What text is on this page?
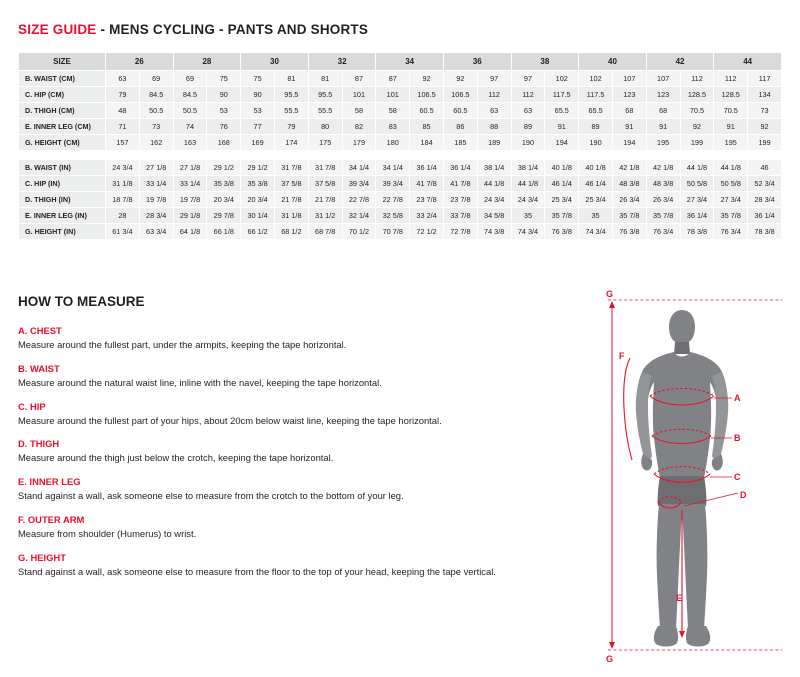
SIZE GUIDE - MENS CYCLING - PANTS AND SHORTS
SIZE	26		28		30		32		34		36		38		40		42		44	
B. WAIST (CM)	63	69	69	75	75	81	81	87	87	92	92	97	97	102	102	107	107	112	112	117
C. HIP (CM)	79	84.5	84.5	90	90	95.5	95.5	101	101	106.5	106.5	112	112	117.5	117.5	123	123	128.5	128.5	134
D. THIGH (CM)	48	50.5	50.5	53	53	55.5	55.5	58	58	60.5	60.5	63	63	65.5	65.5	68	68	70.5	70.5	73
E. INNER LEG (CM)	71	73	74	76	77	79	80	82	83	85	86	88	89	91	89	91	91	92	91	92
G. HEIGHT (CM)	157	162	163	168	169	174	175	179	180	184	185	189	190	194	190	194	195	199	195	199

B. WAIST (IN)	24 3/4	27 1/8	27 1/8	29 1/2	29 1/2	31 7/8	31 7/8	34 1/4	34 1/4	36 1/4	36 1/4	38 1/4	38 1/4	40 1/8	40 1/8	42 1/8	42 1/8	44 1/8	44 1/8	46
C. HIP (IN)	31 1/8	33 1/4	33 1/4	35 3/8	35 3/8	37 5/8	37 5/8	39 3/4	39 3/4	41 7/8	41 7/8	44 1/8	44 1/8	46 1/4	46 1/4	48 3/8	48 3/8	50 5/8	50 5/8	52 3/4
D. THIGH (IN)	18 7/8	19 7/8	19 7/8	20 3/4	20 3/4	21 7/8	21 7/8	22 7/8	22 7/8	23 7/8	23 7/8	24 3/4	24 3/4	25 3/4	25 3/4	26 3/4	26 3/4	27 3/4	27 3/4	28 3/4
E. INNER LEG (IN)	28	28 3/4	29 1/8	29 7/8	30 1/4	31 1/8	31 1/2	32 1/4	32 5/8	33 2/4	33 7/8	34 5/8	35	35 7/8	35	35 7/8	35 7/8	36 1/4	35 7/8	36 1/4
G. HEIGHT (IN)	61 3/4	63 3/4	64 1/8	66 1/8	66 1/2	68 1/2	68 7/8	70 1/2	70 7/8	72 1/2	72 7/8	74 3/8	74 3/4	76 3/8	74 3/4	76 3/8	76 3/4	78 3/8	76 3/4	78 3/8
HOW TO MEASURE
A. CHEST
Measure around the fullest part, under the armpits, keeping the tape horizontal.
B. WAIST
Measure around the natural waist line, inline with the navel, keeping the tape horizontal.
C. HIP
Measure around the fullest part of your hips, about 20cm below waist line, keeping the tape horizontal.
D. THIGH
Measure around the thigh just below the crotch, keeping the tape horizontal.
E. INNER LEG
Stand against a wall, ask someone else to measure from the crotch to the bottom of your leg.
F. OUTER ARM
Measure from shoulder (Humerus) to wrist.
G. HEIGHT
Stand against a wall, ask someone else to measure from the floor to the top of your head, keeping the tape vertical.
A
B
C
D
E
F
G
G
